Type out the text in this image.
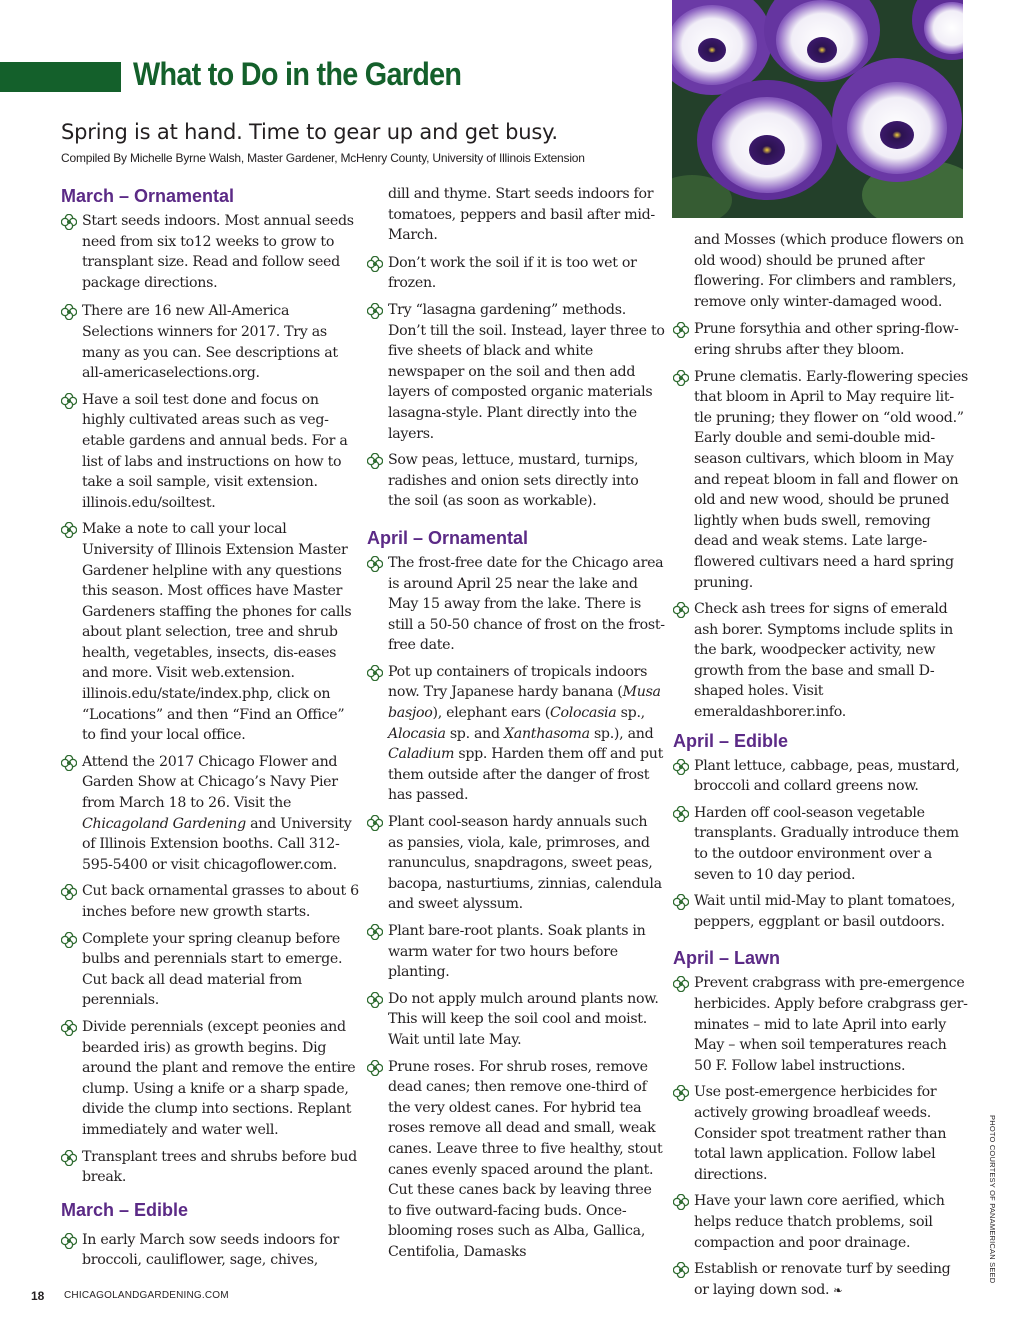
What to Do in the Garden
Spring is at hand. Time to gear up and get busy.
Compiled By Michelle Byrne Walsh, Master Gardener, McHenry County, University of Illinois Extension
March – Ornamental
Start seeds indoors. Most annual seeds need from six to12 weeks to grow to transplant size. Read and follow seed package directions.
There are 16 new All-America Selections winners for 2017. Try as many as you can. See descriptions at all-americaselections.org.
Have a soil test done and focus on highly cultivated areas such as veg-etable gardens and annual beds. For a list of labs and instructions on how to take a soil sample, visit extension. illinois.edu/soiltest.
Make a note to call your local University of Illinois Extension Master Gardener helpline with any questions this season. Most offices have Master Gardeners staffing the phones for calls about plant selection, tree and shrub health, vegetables, insects, dis-eases and more. Visit web.extension. illinois.edu/state/index.php, click on “Locations” and then “Find an Office” to find your local office.
Attend the 2017 Chicago Flower and Garden Show at Chicago’s Navy Pier from March 18 to 26. Visit the Chicagoland Gardening and University of Illinois Extension booths. Call 312-595-5400 or visit chicagoflower.com.
Cut back ornamental grasses to about 6 inches before new growth starts.
Complete your spring cleanup before bulbs and perennials start to emerge. Cut back all dead material from perennials.
Divide perennials (except peonies and bearded iris) as growth begins. Dig around the plant and remove the entire clump. Using a knife or a sharp spade, divide the clump into sections. Replant immediately and water well.
Transplant trees and shrubs before bud break.
March – Edible
In early March sow seeds indoors for broccoli, cauliflower, sage, chives,
dill and thyme. Start seeds indoors for tomatoes, peppers and basil after mid-March.
Don’t work the soil if it is too wet or frozen.
Try “lasagna gardening” methods. Don’t till the soil. Instead, layer three to five sheets of black and white newspaper on the soil and then add layers of composted organic materials lasagna-style. Plant directly into the layers.
Sow peas, lettuce, mustard, turnips, radishes and onion sets directly into the soil (as soon as workable).
April – Ornamental
The frost-free date for the Chicago area is around April 25 near the lake and May 15 away from the lake. There is still a 50-50 chance of frost on the frost-free date.
Pot up containers of tropicals indoors now. Try Japanese hardy banana (Musa basjoo), elephant ears (Colocasia sp., Alocasia sp. and Xanthasoma sp.), and Caladium spp. Harden them off and put them outside after the danger of frost has passed.
Plant cool-season hardy annuals such as pansies, viola, kale, primroses, and ranunculus, snapdragons, sweet peas, bacopa, nasturtiums, zinnias, calendula and sweet alyssum.
Plant bare-root plants. Soak plants in warm water for two hours before planting.
Do not apply mulch around plants now. This will keep the soil cool and moist. Wait until late May.
Prune roses. For shrub roses, remove dead canes; then remove one-third of the very oldest canes. For hybrid tea roses remove all dead and small, weak canes. Leave three to five healthy, stout canes evenly spaced around the plant. Cut these canes back by leaving three to five outward-facing buds. Once-blooming roses such as Alba, Gallica, Centifolia, Damasks
and Mosses (which produce flowers on old wood) should be pruned after flowering. For climbers and ramblers, remove only winter-damaged wood.
Prune forsythia and other spring-flow-ering shrubs after they bloom.
Prune clematis. Early-flowering species that bloom in April to May require lit-tle pruning; they flower on “old wood.” Early double and semi-double mid-season cultivars, which bloom in May and repeat bloom in fall and flower on old and new wood, should be pruned lightly when buds swell, removing dead and weak stems. Late large-flowered cultivars need a hard spring pruning.
Check ash trees for signs of emerald ash borer. Symptoms include splits in the bark, woodpecker activity, new growth from the base and small D-shaped holes. Visit emeraldashborer.info.
April – Edible
Plant lettuce, cabbage, peas, mustard, broccoli and collard greens now.
Harden off cool-season vegetable transplants. Gradually introduce them to the outdoor environment over a seven to 10 day period.
Wait until mid-May to plant tomatoes, peppers, eggplant or basil outdoors.
April – Lawn
Prevent crabgrass with pre-emergence herbicides. Apply before crabgrass ger-minates – mid to late April into early May – when soil temperatures reach 50 F. Follow label instructions.
Use post-emergence herbicides for actively growing broadleaf weeds. Consider spot treatment rather than total lawn application. Follow label directions.
Have your lawn core aerified, which helps reduce thatch problems, soil compaction and poor drainage.
Establish or renovate turf by seeding or laying down sod. ❧
PHOTO COURTESY OF PANAMERICAN SEED
18 CHICAGOLANDGARDENING.COM
